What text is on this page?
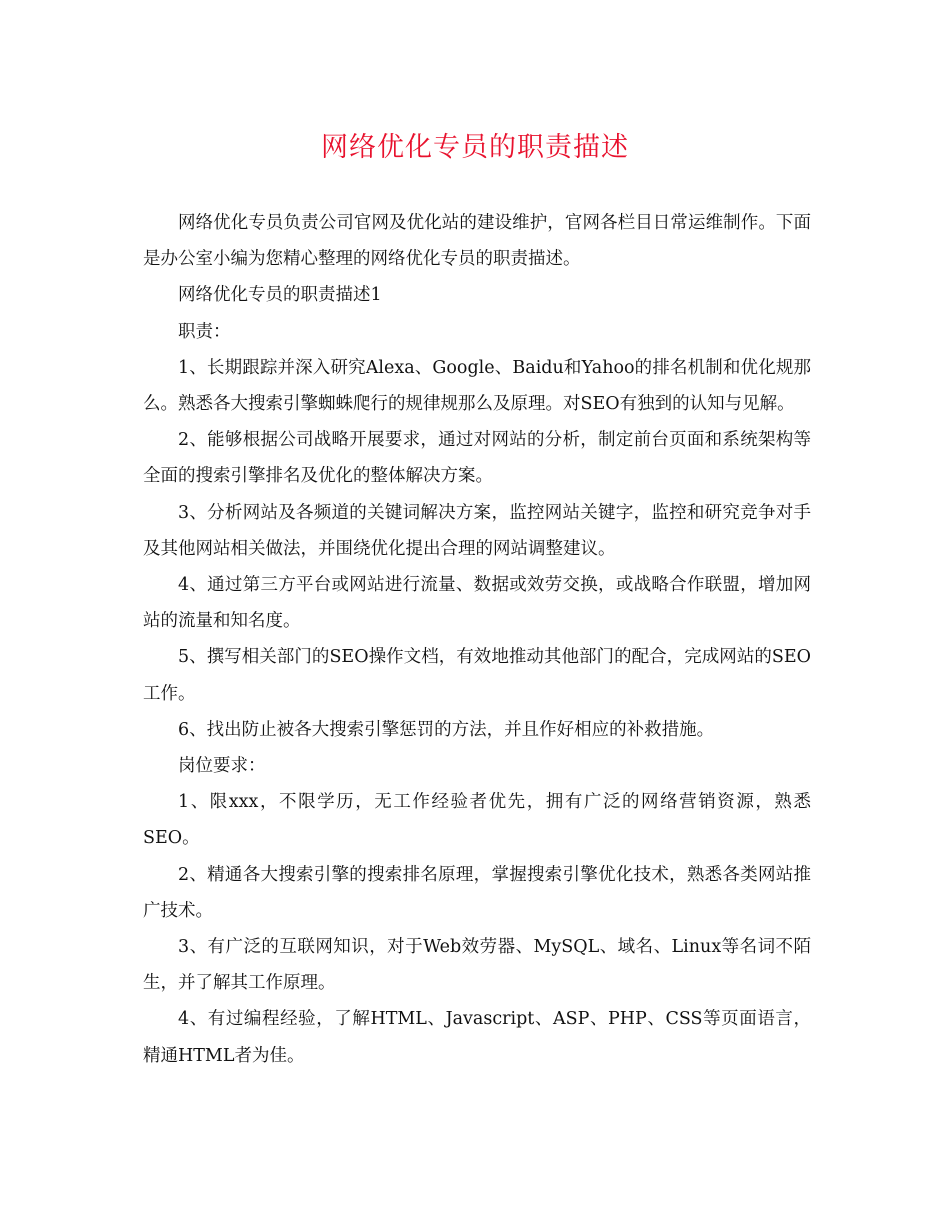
网络优化专员的职责描述

网络优化专员负责公司官网及优化站的建设维护，官网各栏目日常运维制作。下面是办公室小编为您精心整理的网络优化专员的职责描述。

网络优化专员的职责描述1

职责：

1、长期跟踪并深入研究Alexa、Google、Baidu和Yahoo的排名机制和优化规那么。熟悉各大搜索引擎蜘蛛爬行的规律规那么及原理。对SEO有独到的认知与见解。

2、能够根据公司战略开展要求，通过对网站的分析，制定前台页面和系统架构等全面的搜索引擎排名及优化的整体解决方案。

3、分析网站及各频道的关键词解决方案，监控网站关键字，监控和研究竞争对手及其他网站相关做法，并围绕优化提出合理的网站调整建议。

4、通过第三方平台或网站进行流量、数据或效劳交换，或战略合作联盟，增加网站的流量和知名度。

5、撰写相关部门的SEO操作文档，有效地推动其他部门的配合，完成网站的SEO工作。

6、找出防止被各大搜索引擎惩罚的方法，并且作好相应的补救措施。

岗位要求：

1、限xxx，不限学历，无工作经验者优先，拥有广泛的网络营销资源，熟悉SEO。

2、精通各大搜索引擎的搜索排名原理，掌握搜索引擎优化技术，熟悉各类网站推广技术。

3、有广泛的互联网知识，对于Web效劳器、MySQL、域名、Linux等名词不陌生，并了解其工作原理。

4、有过编程经验，了解HTML、Javascript、ASP、PHP、CSS等页面语言，精通HTML者为佳。
